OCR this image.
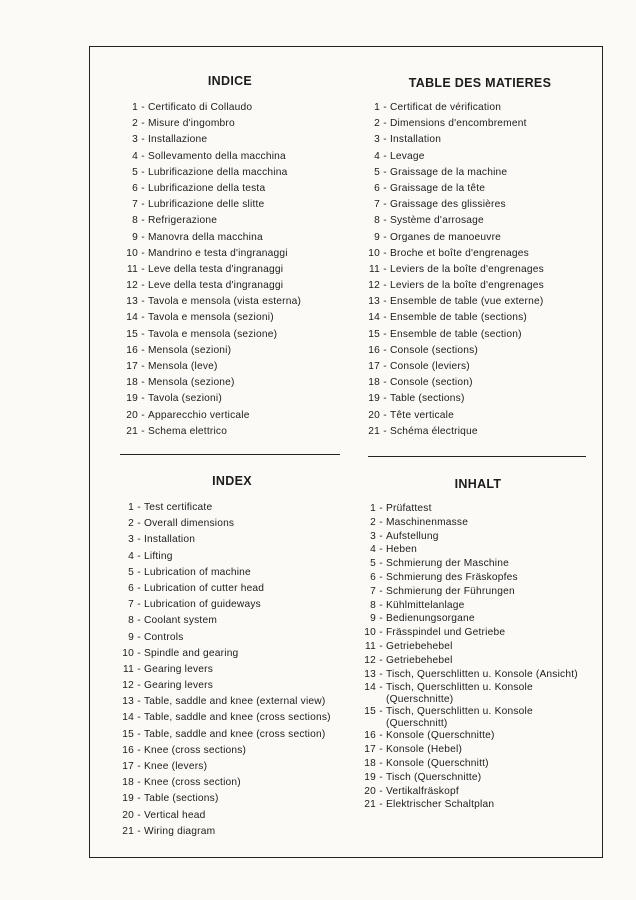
INDICE
1 - Certificato di Collaudo
2 - Misure d'ingombro
3 - Installazione
4 - Sollevamento della macchina
5 - Lubrificazione della macchina
6 - Lubrificazione della testa
7 - Lubrificazione delle slitte
8 - Refrigerazione
9 - Manovra della macchina
10 - Mandrino e testa d'ingranaggi
11 - Leve della testa d'ingranaggi
12 - Leve della testa d'ingranaggi
13 - Tavola e mensola (vista esterna)
14 - Tavola e mensola (sezioni)
15 - Tavola e mensola (sezione)
16 - Mensola (sezioni)
17 - Mensola (leve)
18 - Mensola (sezione)
19 - Tavola (sezioni)
20 - Apparecchio verticale
21 - Schema elettrico
TABLE DES MATIERES
1 - Certificat de vérification
2 - Dimensions d'encombrement
3 - Installation
4 - Levage
5 - Graissage de la machine
6 - Graissage de la tête
7 - Graissage des glissières
8 - Système d'arrosage
9 - Organes de manoeuvre
10 - Broche et boîte d'engrenages
11 - Leviers de la boîte d'engrenages
12 - Leviers de la boîte d'engrenages
13 - Ensemble de table (vue externe)
14 - Ensemble de table (sections)
15 - Ensemble de table (section)
16 - Console (sections)
17 - Console (leviers)
18 - Console (section)
19 - Table (sections)
20 - Tête verticale
21 - Schéma électrique
INDEX
1 - Test certificate
2 - Overall dimensions
3 - Installation
4 - Lifting
5 - Lubrication of machine
6 - Lubrication of cutter head
7 - Lubrication of guideways
8 - Coolant system
9 - Controls
10 - Spindle and gearing
11 - Gearing levers
12 - Gearing levers
13 - Table, saddle and knee (external view)
14 - Table, saddle and knee (cross sections)
15 - Table, saddle and knee (cross section)
16 - Knee (cross sections)
17 - Knee (levers)
18 - Knee (cross section)
19 - Table (sections)
20 - Vertical head
21 - Wiring diagram
INHALT
1 - Prüfattest
2 - Maschinenmasse
3 - Aufstellung
4 - Heben
5 - Schmierung der Maschine
6 - Schmierung des Fräskopfes
7 - Schmierung der Führungen
8 - Kühlmittelanlage
9 - Bedienungsorgane
10 - Frässpindel und Getriebe
11 - Getriebehebel
12 - Getriebehebel
13 - Tisch, Querschlitten u. Konsole (Ansicht)
14 - Tisch, Querschlitten u. Konsole (Querschnitte)
15 - Tisch, Querschlitten u. Konsole (Querschnitt)
16 - Konsole (Querschnitte)
17 - Konsole (Hebel)
18 - Konsole (Querschnitt)
19 - Tisch (Querschnitte)
20 - Vertikalfräskopf
21 - Elektrischer Schaltplan
